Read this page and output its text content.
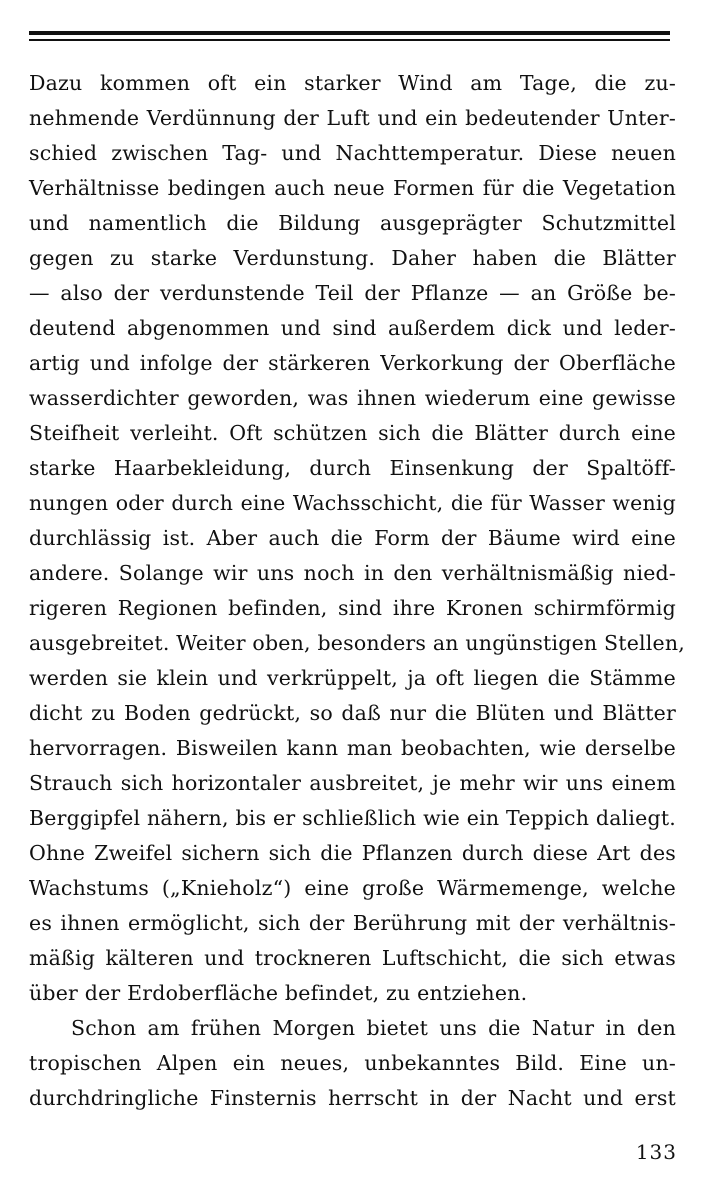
Dazu kommen oft ein starker Wind am Tage, die zu-
nehmende Verdünnung der Luft und ein bedeutender Unter-
schied zwischen Tag- und Nachttemperatur. Diese neuen
Verhältnisse bedingen auch neue Formen für die Vegetation
und namentlich die Bildung ausgeprägter Schutzmittel
gegen zu starke Verdunstung. Daher haben die Blätter
— also der verdunstende Teil der Pflanze — an Größe be-
deutend abgenommen und sind außerdem dick und leder-
artig und infolge der stärkeren Verkorkung der Oberfläche
wasserdichter geworden, was ihnen wiederum eine gewisse
Steifheit verleiht. Oft schützen sich die Blätter durch eine
starke Haarbekleidung, durch Einsenkung der Spaltöff-
nungen oder durch eine Wachsschicht, die für Wasser wenig
durchlässig ist. Aber auch die Form der Bäume wird eine
andere. Solange wir uns noch in den verhältnismäßig nied-
rigeren Regionen befinden, sind ihre Kronen schirmförmig
ausgebreitet. Weiter oben, besonders an ungünstigen Stellen,
werden sie klein und verkrüppelt, ja oft liegen die Stämme
dicht zu Boden gedrückt, so daß nur die Blüten und Blätter
hervorragen. Bisweilen kann man beobachten, wie derselbe
Strauch sich horizontaler ausbreitet, je mehr wir uns einem
Berggipfel nähern, bis er schließlich wie ein Teppich daliegt.
Ohne Zweifel sichern sich die Pflanzen durch diese Art des
Wachstums („Knieholz“) eine große Wärmemenge, welche
es ihnen ermöglicht, sich der Berührung mit der verhältnis-
mäßig kälteren und trockneren Luftschicht, die sich etwas
über der Erdoberfläche befindet, zu entziehen.
Schon am frühen Morgen bietet uns die Natur in den
tropischen Alpen ein neues, unbekanntes Bild. Eine un-
durchdringliche Finsternis herrscht in der Nacht und erst
133
